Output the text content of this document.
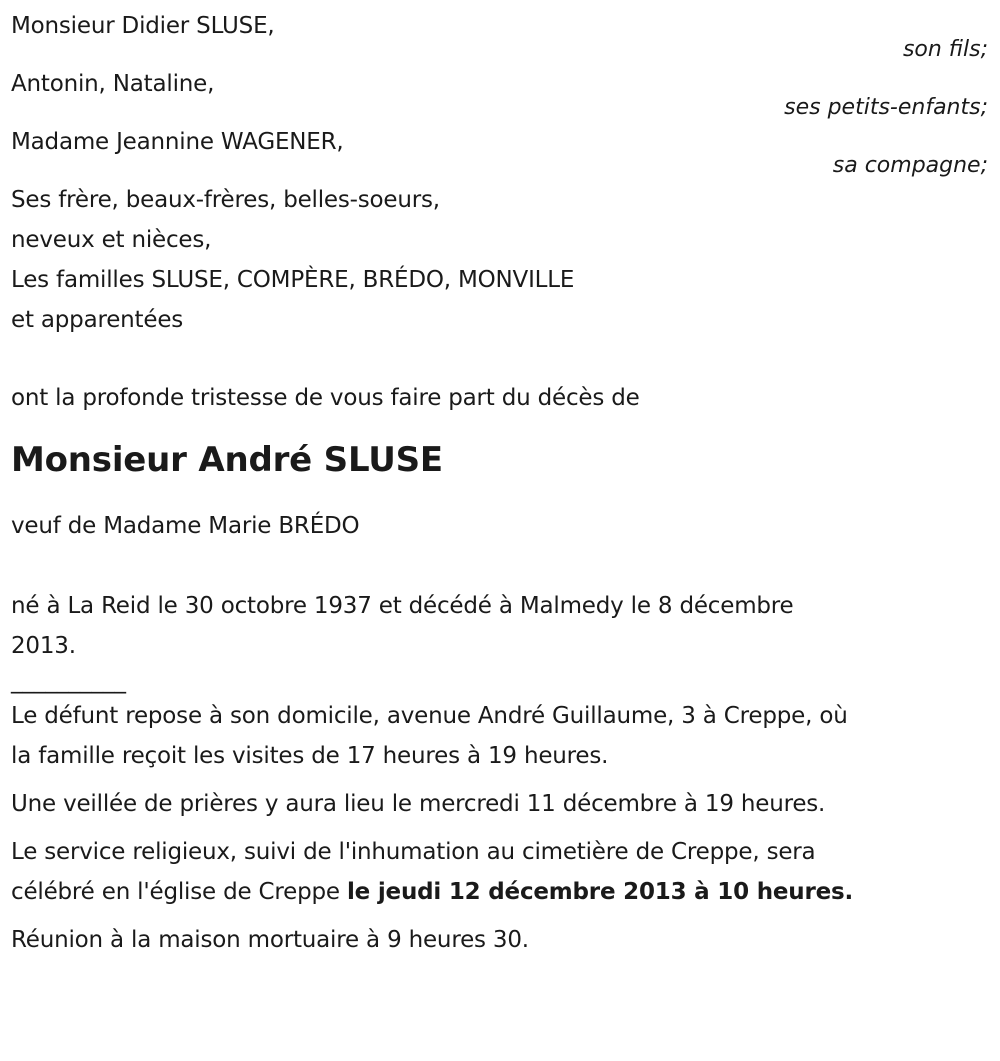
Monsieur Didier SLUSE,

son fils;

Antonin, Nataline,

ses petits-enfants;

Madame Jeannine WAGENER,

sa compagne;

Ses frère, beaux-frères, belles-soeurs,

neveux et nièces,

Les familles SLUSE, COMPÈRE, BRÉDO, MONVILLE

et apparentées

ont la profonde tristesse de vous faire part du décès de

Monsieur André SLUSE

veuf de Madame Marie BRÉDO

né à La Reid le 30 octobre 1937 et décédé à Malmedy le 8 décembre

2013.

__________

Le défunt repose à son domicile, avenue André Guillaume, 3 à Creppe, où

la famille reçoit les visites de 17 heures à 19 heures.

Une veillée de prières y aura lieu le mercredi 11 décembre à 19 heures.

Le service religieux, suivi de l'inhumation au cimetière de Creppe, sera

célébré en l'église de Creppe le jeudi 12 décembre 2013 à 10 heures.

Réunion à la maison mortuaire à 9 heures 30.
